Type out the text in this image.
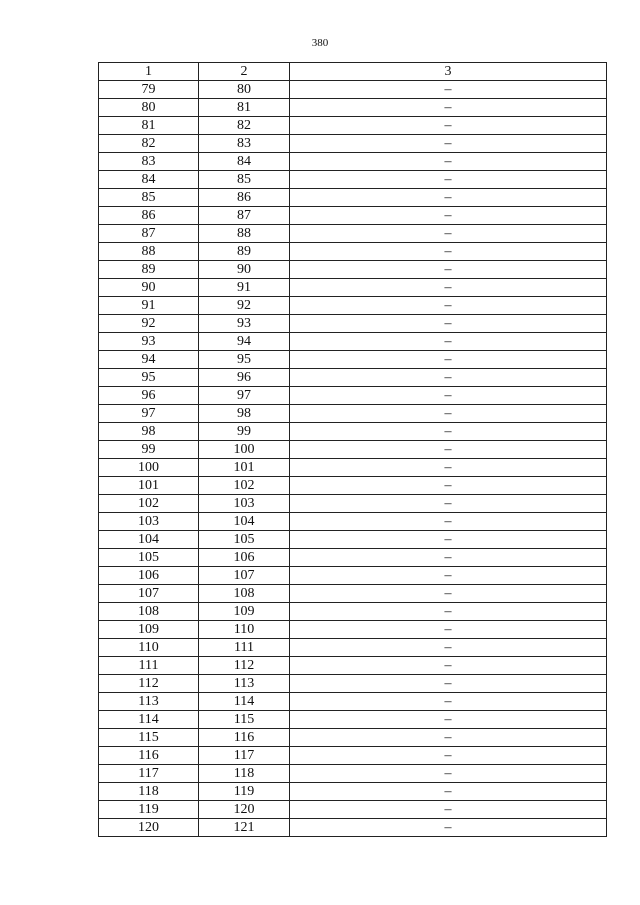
380
1	2	3
79	80	–
80	81	–
81	82	–
82	83	–
83	84	–
84	85	–
85	86	–
86	87	–
87	88	–
88	89	–
89	90	–
90	91	–
91	92	–
92	93	–
93	94	–
94	95	–
95	96	–
96	97	–
97	98	–
98	99	–
99	100	–
100	101	–
101	102	–
102	103	–
103	104	–
104	105	–
105	106	–
106	107	–
107	108	–
108	109	–
109	110	–
110	111	–
111	112	–
112	113	–
113	114	–
114	115	–
115	116	–
116	117	–
117	118	–
118	119	–
119	120	–
120	121	–
